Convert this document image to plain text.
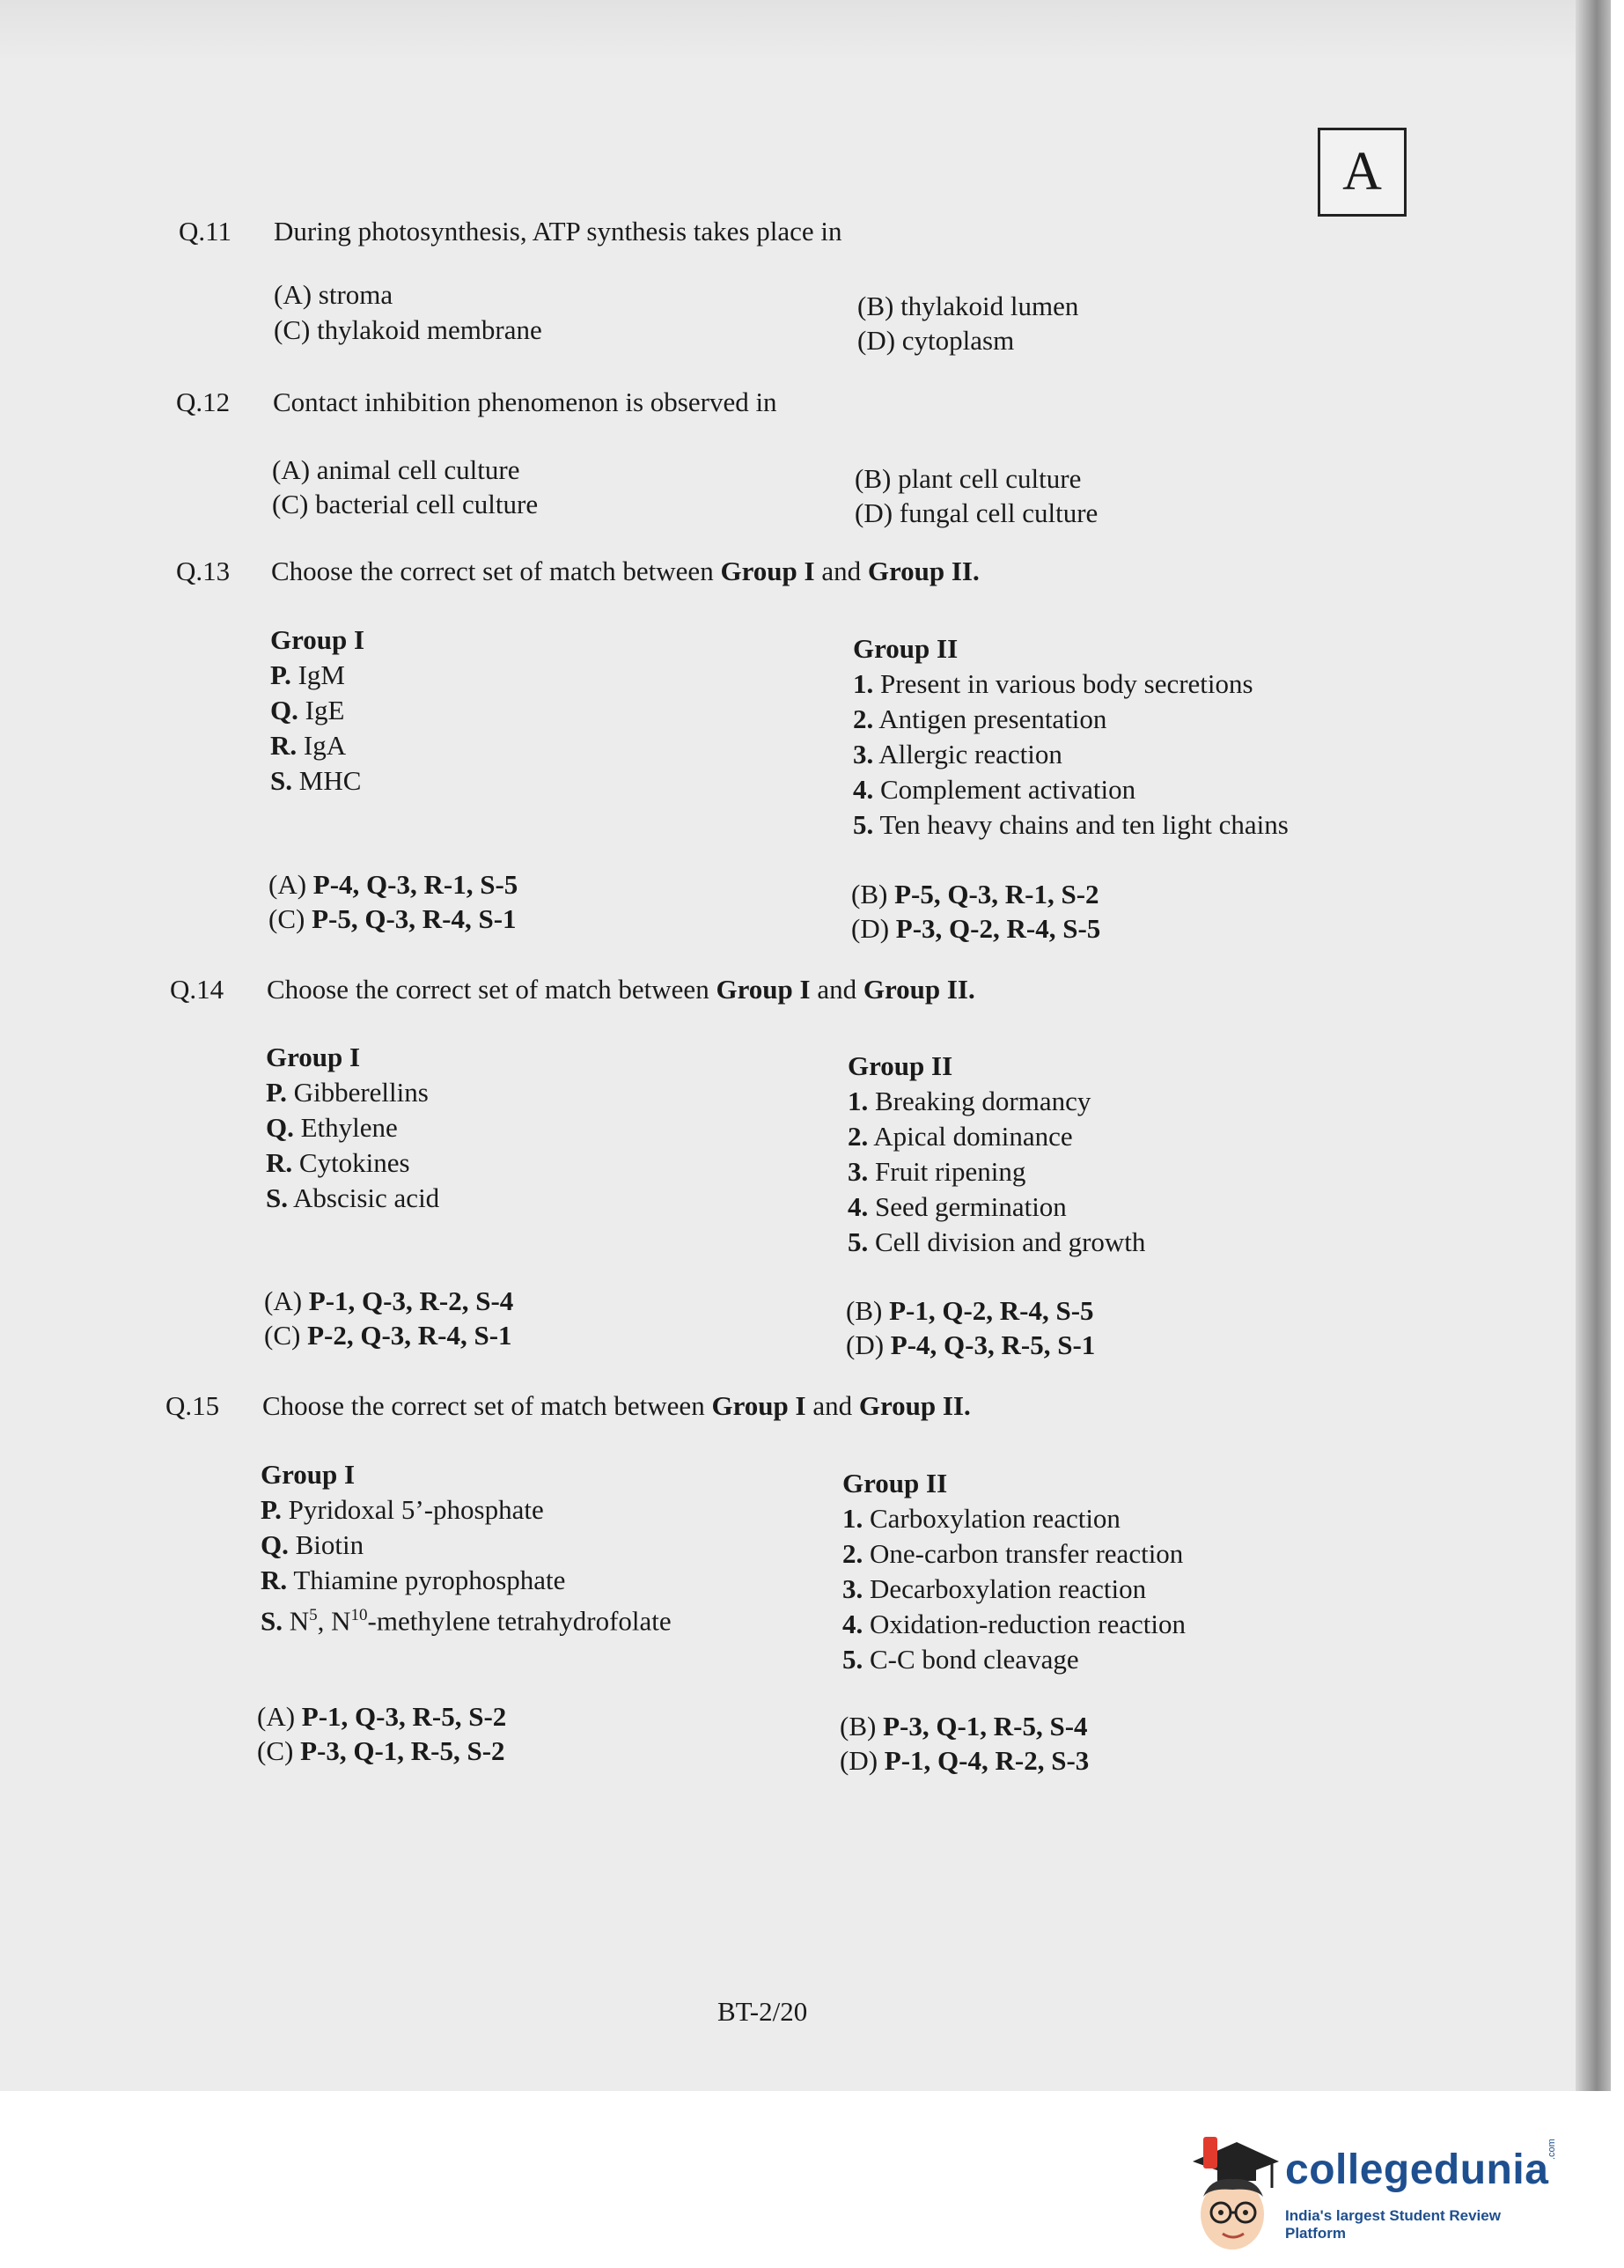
A
Q.11 During photosynthesis, ATP synthesis takes place in
(A) stroma	(B) thylakoid lumen
(C) thylakoid membrane	(D) cytoplasm
Q.12 Contact inhibition phenomenon is observed in
(A) animal cell culture	(B) plant cell culture
(C) bacterial cell culture	(D) fungal cell culture
Q.13 Choose the correct set of match between Group I and Group II.
Group I
P. IgM
Q. IgE
R. IgA
S. MHC
Group II
1. Present in various body secretions
2. Antigen presentation
3. Allergic reaction
4. Complement activation
5. Ten heavy chains and ten light chains
(A) P-4, Q-3, R-1, S-5	(B) P-5, Q-3, R-1, S-2
(C) P-5, Q-3, R-4, S-1	(D) P-3, Q-2, R-4, S-5
Q.14 Choose the correct set of match between Group I and Group II.
Group I
P. Gibberellins
Q. Ethylene
R. Cytokines
S. Abscisic acid
Group II
1. Breaking dormancy
2. Apical dominance
3. Fruit ripening
4. Seed germination
5. Cell division and growth
(A) P-1, Q-3, R-2, S-4	(B) P-1, Q-2, R-4, S-5
(C) P-2, Q-3, R-4, S-1	(D) P-4, Q-3, R-5, S-1
Q.15 Choose the correct set of match between Group I and Group II.
Group I
P. Pyridoxal 5’-phosphate
Q. Biotin
R. Thiamine pyrophosphate
S. $N^5$, $N^{10}$-methylene tetrahydrofolate
Group II
1. Carboxylation reaction
2. One-carbon transfer reaction
3. Decarboxylation reaction
4. Oxidation-reduction reaction
5. C-C bond cleavage
(A) P-1, Q-3, R-5, S-2	(B) P-3, Q-1, R-5, S-4
(C) P-3, Q-1, R-5, S-2	(D) P-1, Q-4, R-2, S-3
BT-2/20
collegedunia
.com
India's largest Student Review Platform
